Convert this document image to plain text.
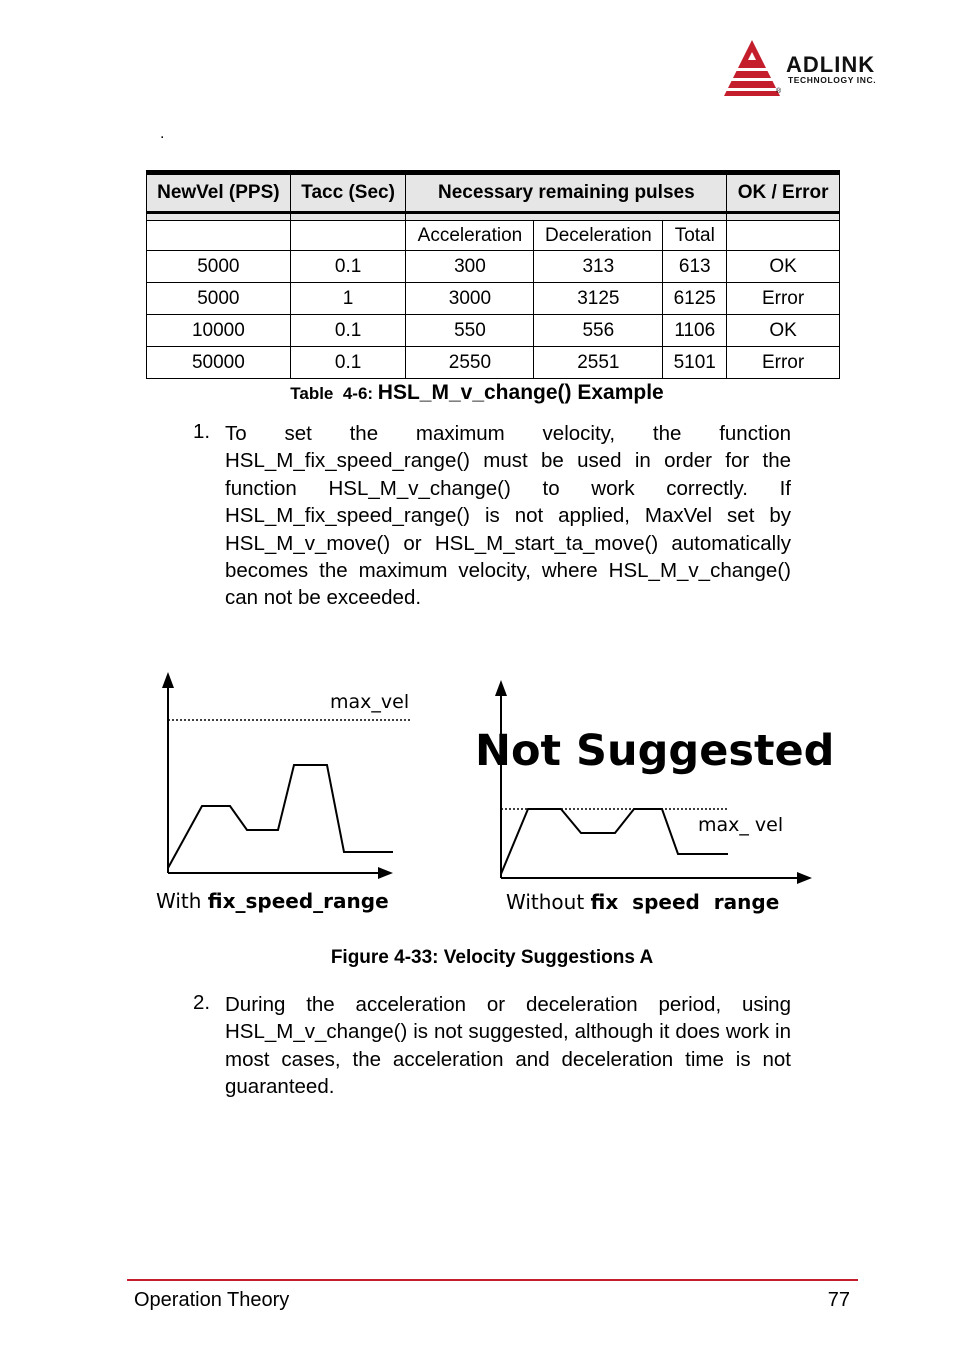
ADLINK
TECHNOLOGY INC.
®
.
NewVel (PPS)	Tacc (Sec)	Necessary remaining pulses			OK / Error

		Acceleration	Deceleration	Total	
5000	0.1	300	313	613	OK
5000	1	3000	3125	6125	Error
10000	0.1	550	556	1106	OK
50000	0.1	2550	2551	5101	Error
Table  4-6: HSL_M_v_change() Example
1. To set the maximum velocity, the function HSL_M_fix_speed_range() must be used in order for the function HSL_M_v_change() to work correctly. If HSL_M_fix_speed_range() is not applied, MaxVel set by HSL_M_v_move() or HSL_M_start_ta_move() automatically becomes the maximum velocity, where HSL_M_v_change() can not be exceeded.
max_vel
With fix_speed_range
Not Suggested
max_ vel
Without fix  speed  range
Figure 4-33: Velocity Suggestions A
2. During the acceleration or deceleration period, using HSL_M_v_change() is not suggested, although it does work in most cases, the acceleration and deceleration time is not guaranteed.
Operation Theory	77
